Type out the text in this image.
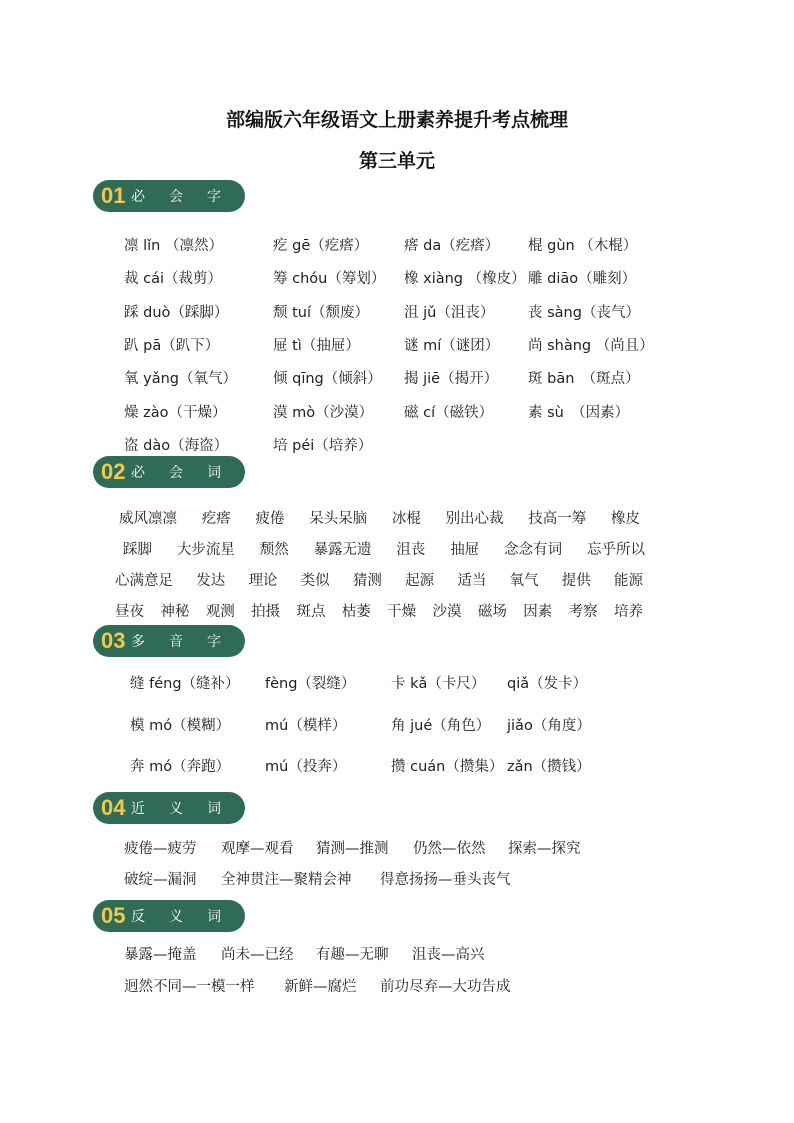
部编版六年级语文上册素养提升考点梳理
第三单元
01 必会字
02 必会词
03 多音字
04 近义词
05 反义词
凛 lǐn （凛然）	疙 gē（疙瘩） 瘩 da（疙瘩） 棍 gùn （木棍）
裁 cái（裁剪）	筹 chóu（筹划） 橡 xiàng （橡皮） 雕 diāo（雕刻）
踩 duò（踩脚）	颓 tuí（颓废） 沮 jǔ（沮丧） 丧 sàng（丧气）
趴 pā（趴下）	屉 tì（抽屉）	谜 mí（谜团） 尚 shàng （尚且）
氧 yǎng（氧气） 倾 qīng（倾斜） 揭 jiē（揭开） 斑 bān　（斑点）
燥 zào（干燥）	漠 mò（沙漠） 磁 cí（磁铁） 素 sù　（因素）
盗 dào（海盗）	培 péi（培养）
威风凛凛 疙瘩 疲倦 呆头呆脑 冰棍 别出心裁 技高一筹 橡皮
踩脚 大步流星 颓然 暴露无遗 沮丧 抽屉 念念有词 忘乎所以
心满意足 发达 理论 类似 猜测 起源 适当 氧气 提供 能源
昼夜 神秘 观测 拍摄 斑点 枯萎 干燥 沙漠 磁场 因素 考察 培养
缝 féng（缝补） fèng（裂缝） 卡 kǎ（卡尺） qiǎ（发卡）
模 mó（模糊） mú（模样）	角 jué（角色） jiǎo（角度）
奔 mó（奔跑） mú（投奔）	攒 cuán（攒集） zǎn（攒钱）
疲倦—疲劳 观摩—观看 猜测—推测 仍然—依然 探索—探究
破绽—漏洞 全神贯注—聚精会神 得意扬扬—垂头丧气
暴露—掩盖 尚未—已经 有趣—无聊 沮丧—高兴
迥然不同—一模一样 新鲜—腐烂 前功尽弃—大功告成
